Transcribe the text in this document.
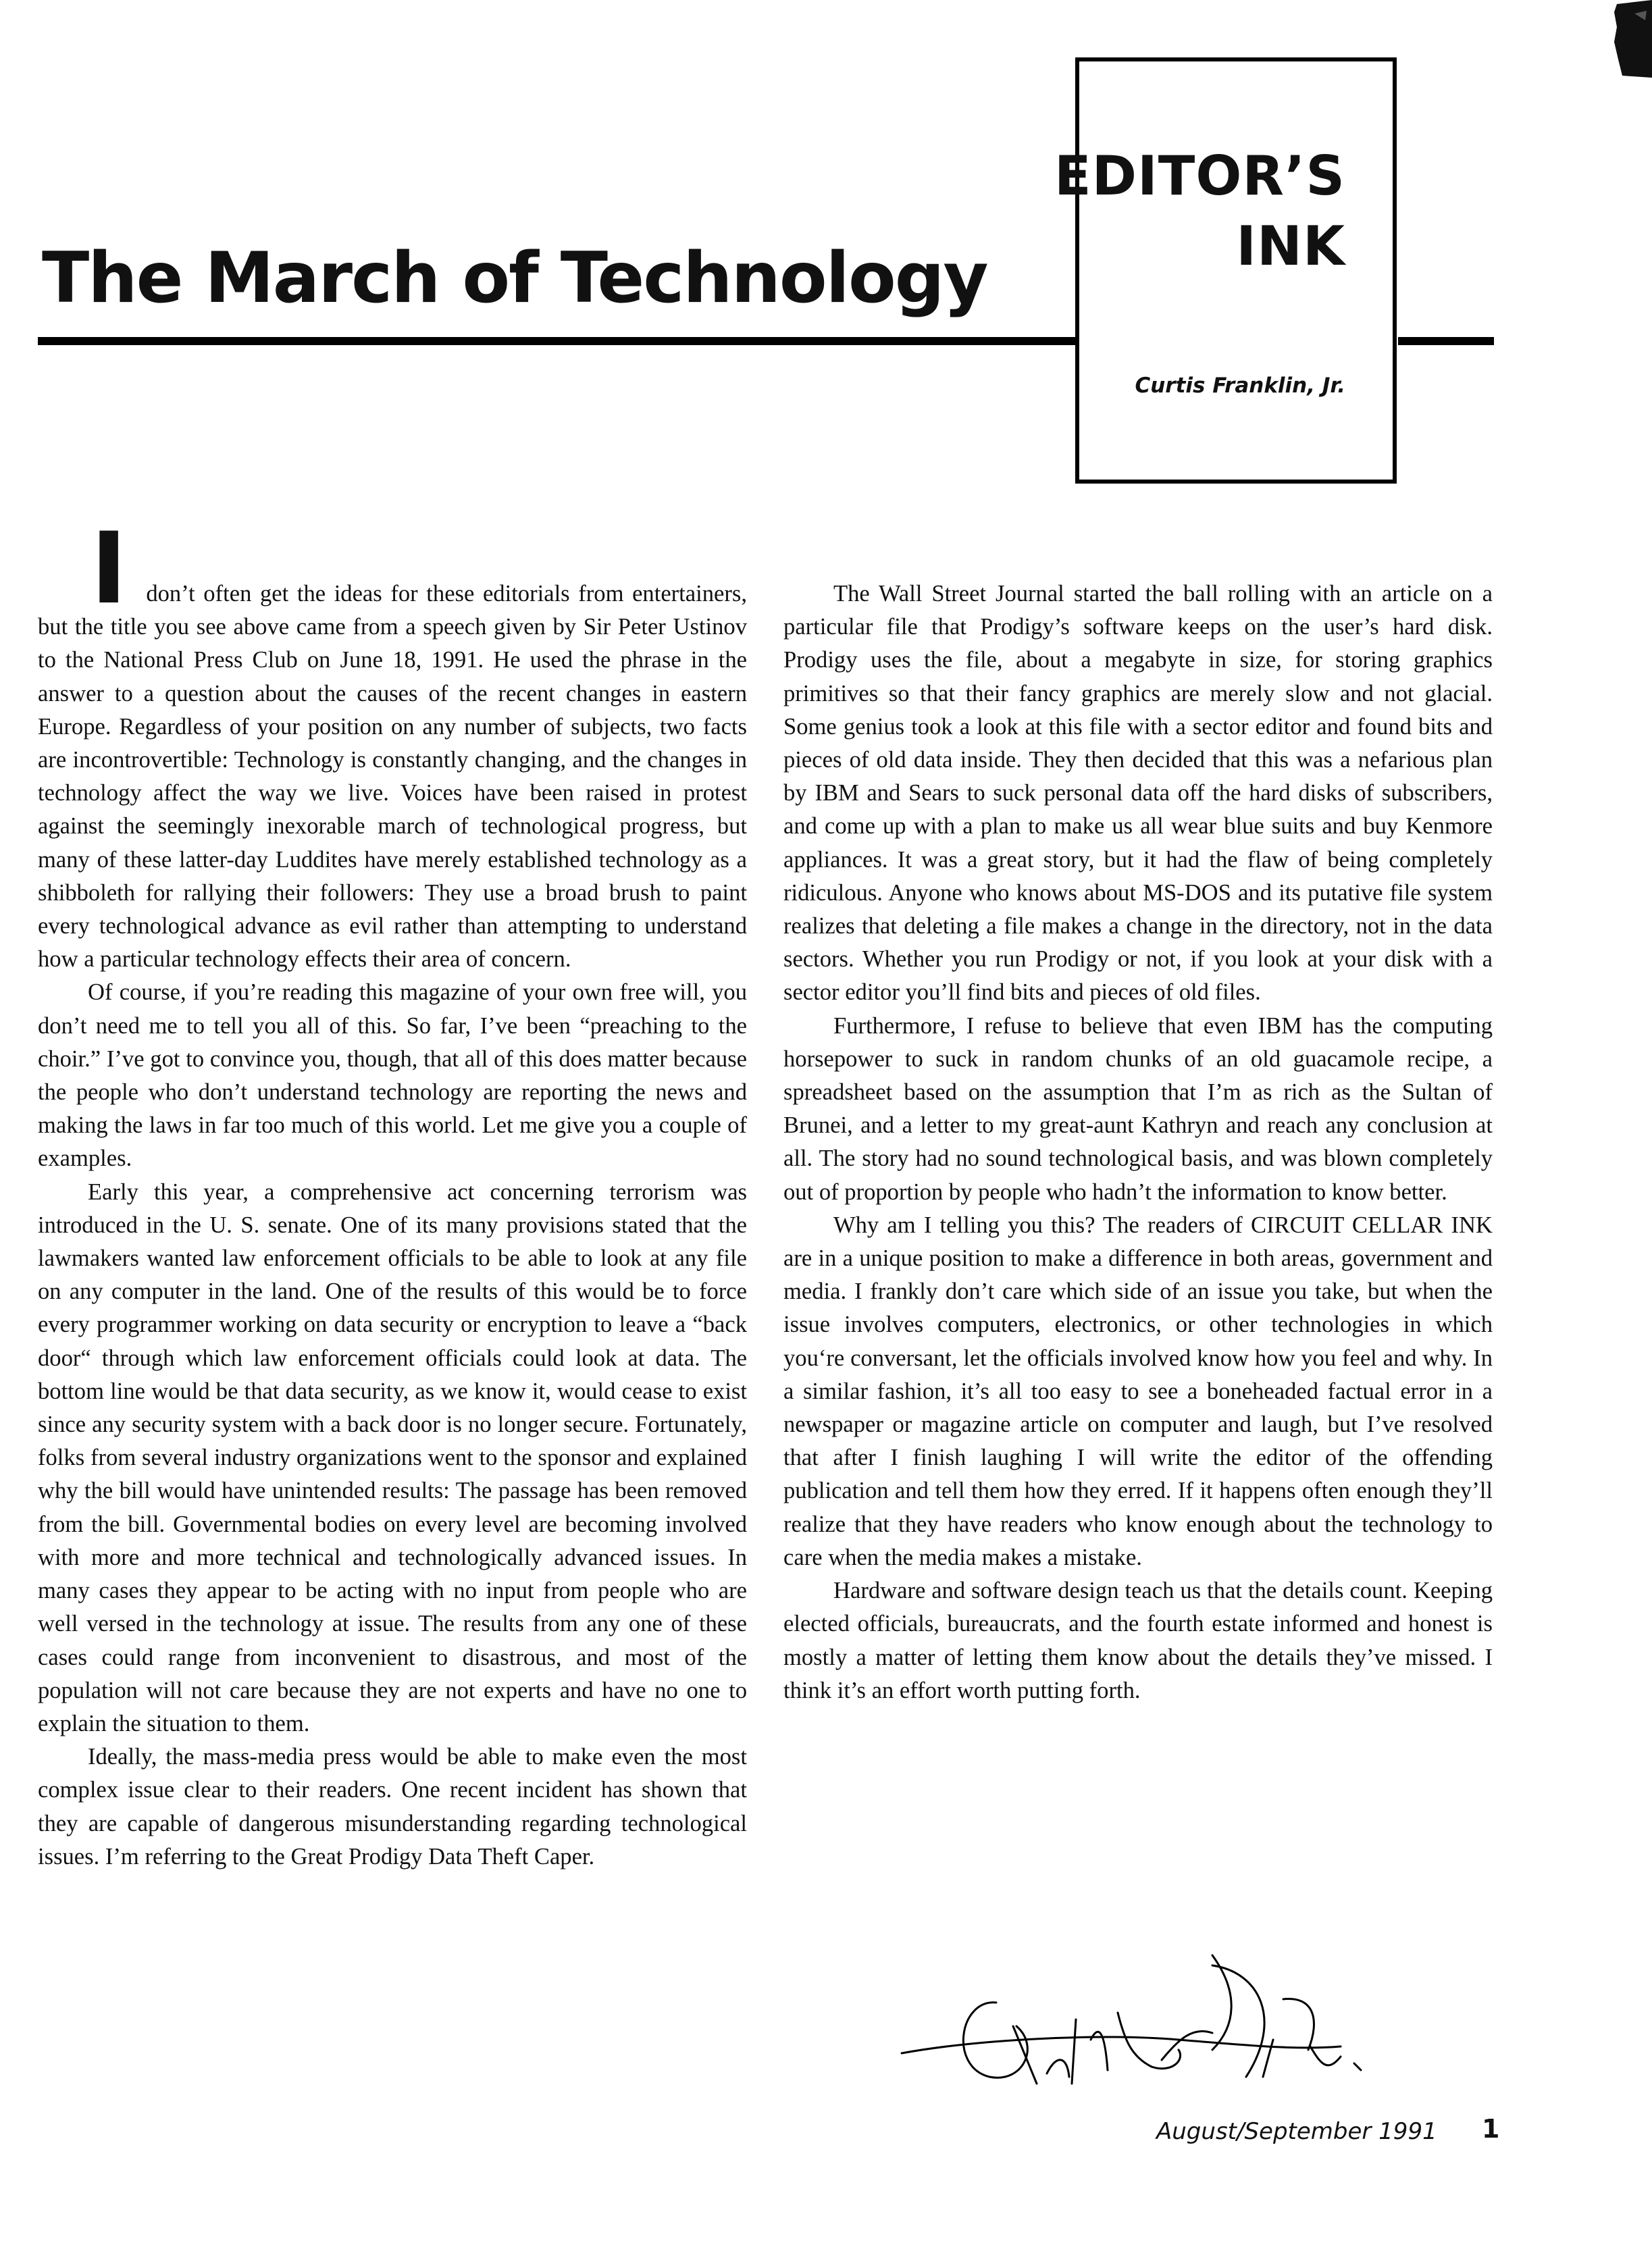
The March of Technology
EDITOR’S
INK
Curtis Franklin, Jr.

Idon’t often get the ideas for these editorials from entertainers, but the title you see above came from a speech given by Sir Peter Ustinov to the National Press Club on June 18, 1991. He used the phrase in the answer to a question about the causes of the recent changes in eastern Europe. Regardless of your position on any number of subjects, two facts are incontrovertible: Technology is constantly changing, and the changes in technology affect the way we live. Voices have been raised in protest against the seemingly inexorable march of technological progress, but many of these latter-day Luddites have merely established technology as a shibboleth for rallying their followers: They use a broad brush to paint every technological advance as evil rather than attempting to understand how a particular technology effects their area of concern.

Of course, if you’re reading this magazine of your own free will, you don’t need me to tell you all of this. So far, I’ve been “preaching to the choir.” I’ve got to convince you, though, that all of this does matter because the people who don’t understand technology are reporting the news and making the laws in far too much of this world. Let me give you a couple of examples.

Early this year, a comprehensive act concerning terrorism was introduced in the U. S. senate. One of its many provisions stated that the lawmakers wanted law enforcement officials to be able to look at any file on any computer in the land. One of the results of this would be to force every programmer working on data security or encryption to leave a “back door“ through which law enforcement officials could look at data. The bottom line would be that data security, as we know it, would cease to exist since any security system with a back door is no longer secure. Fortunately, folks from several industry organizations went to the sponsor and explained why the bill would have unintended results: The passage has been removed from the bill. Governmental bodies on every level are becoming involved with more and more technical and technologically advanced issues. In many cases they appear to be acting with no input from people who are well versed in the technology at issue. The results from any one of these cases could range from inconvenient to disastrous, and most of the population will not care because they are not experts and have no one to explain the situation to them.

Ideally, the mass-media press would be able to make even the most complex issue clear to their readers. One recent incident has shown that they are capable of dangerous misunderstanding regarding technological issues. I’m referring to the Great Prodigy Data Theft Caper.

The Wall Street Journal started the ball rolling with an article on a particular file that Prodigy’s software keeps on the user’s hard disk. Prodigy uses the file, about a megabyte in size, for storing graphics primitives so that their fancy graphics are merely slow and not glacial. Some genius took a look at this file with a sector editor and found bits and pieces of old data inside. They then decided that this was a nefarious plan by IBM and Sears to suck personal data off the hard disks of subscribers, and come up with a plan to make us all wear blue suits and buy Kenmore appliances. It was a great story, but it had the flaw of being completely ridiculous. Anyone who knows about MS-DOS and its putative file system realizes that deleting a file makes a change in the directory, not in the data sectors. Whether you run Prodigy or not, if you look at your disk with a sector editor you’ll find bits and pieces of old files.

Furthermore, I refuse to believe that even IBM has the computing horsepower to suck in random chunks of an old guacamole recipe, a spreadsheet based on the assumption that I’m as rich as the Sultan of Brunei, and a letter to my great-aunt Kathryn and reach any conclusion at all. The story had no sound technological basis, and was blown completely out of proportion by people who hadn’t the information to know better.

Why am I telling you this? The readers of CIRCUIT CELLAR INK are in a unique position to make a difference in both areas, government and media. I frankly don’t care which side of an issue you take, but when the issue involves computers, electronics, or other technologies in which you‘re conversant, let the officials involved know how you feel and why. In a similar fashion, it’s all too easy to see a boneheaded factual error in a newspaper or magazine article on computer and laugh, but I’ve resolved that after I finish laughing I will write the editor of the offending publication and tell them how they erred. If it happens often enough they’ll realize that they have readers who know enough about the technology to care when the media makes a mistake.

Hardware and software design teach us that the details count. Keeping elected officials, bureaucrats, and the fourth estate informed and honest is mostly a matter of letting them know about the details they’ve missed. I think it’s an effort worth putting forth.

August/September 1991 1
